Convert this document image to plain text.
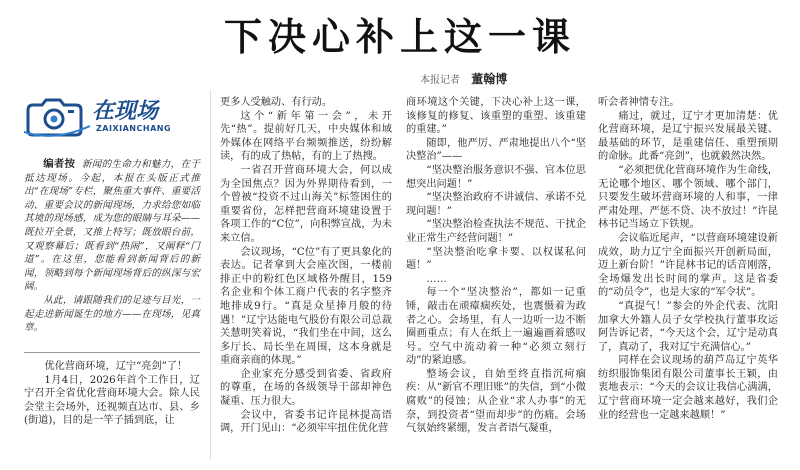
下决心补上这一课
本报记者 董翰博
在现场
ZAIXIANCHANG

编者按 新闻的生命力和魅力，在于抵达现场。今起，本报在头版正式推出“在现场”专栏，聚焦重大事件、重要活动、重要会议的新闻现场，力求给您如临其境的现场感，成为您的眼睛与耳朵——既拉开全景，又推上特写；既放眼台前，又观察幕后；既看到“热闹”，又阐释“门道”。在这里，您能看到新闻背后的新闻，领略到每个新闻现场背后的纵深与宏阔。

从此，请跟随我们的足迹与目光，一起走进新闻诞生的地方——在现场，见真章。

优化营商环境，辽宁“亮剑”了！

1月4日，2026年首个工作日，辽宁召开全省优化营商环境大会。除人民会堂主会场外，还视频直达市、县、乡(街道)，目的是一竿子插到底，让

更多人受触动、有行动。

这个“新年第一会”，未开先“热”。提前好几天，中央媒体和域外媒体在网络平台频频推送，纷纷解读，有的成了热帖，有的上了热搜。

一省召开营商环境大会，何以成为全国焦点？因为外界期待看到，一个曾被“投资不过山海关”标签困住的重要省份，怎样把营商环境建设置于各项工作的“C位”，向积弊宣战，为未来立信。

会议现场，“C位”有了更具象化的表达。记者拿到大会座次图，一楼前排正中的粉红色区域格外醒目，159名企业和个体工商户代表的名字整齐地排成9行。“真是众星捧月般的待遇！”辽宁达能电气股份有限公司总裁关慧明笑着说，“我们坐在中间，这么多厅长、局长坐在周围，这本身就是重商亲商的体现。”

企业家充分感受到省委、省政府的尊重，在场的各级领导干部却神色凝重、压力很大。

会议中，省委书记许昆林提高语调，开门见山：“必须牢牢扭住优化营

商环境这个关键，下决心补上这一课，该修复的修复、该重塑的重塑、该重建的重建。”

随即，他严厉、严肃地提出八个“坚决整治”——

“坚决整治服务意识不强、官本位思想突出问题！”

“坚决整治政府不讲诚信、承诺不兑现问题！”

“坚决整治检查执法不规范、干扰企业正常生产经营问题！”

“坚决整治吃拿卡要、以权谋私问题！”

……

每一个“坚决整治”，都如一记重锤，敲击在顽瘴痼疾处，也震慑着为政者之心。会场里，有人一边听一边不断圈画重点；有人在纸上一遍遍画着感叹号。空气中流动着一种“必须立刻行动”的紧迫感。

整场会议，自始至终直指沉疴痼疾：从“新官不理旧账”的失信，到“小微腐败”的侵蚀；从企业“求人办事”的无奈，到投资者“望而却步”的伤痛。会场气氛始终紧绷，发言者语气凝重，

听会者神情专注。

痛过，就过，辽宁才更加清楚：优化营商环境，是辽宁振兴发展最关键、最基础的环节，是重建信任、重塑预期的命脉。此番“亮剑”，也就毅然决然。

“必须把优化营商环境作为生命线，无论哪个地区、哪个领域、哪个部门，只要发生破坏营商环境的人和事，一律严肃处理、严惩不贷、决不放过！”许昆林书记当场立下铁规。

会议临近尾声，“以营商环境建设新成效，助力辽宁全面振兴开创新局面，迈上新台阶！”许昆林书记的话音刚落，全场爆发出长时间的掌声。这是省委的“动员令”，也是大家的“军令状”。

“真提气！”参会的外企代表、沈阳加拿大外籍人员子女学校执行董事玫运阿告诉记者，“今天这个会，辽宁是动真了，真动了，我对辽宁充满信心。”

同样在会议现场的葫芦岛辽宁英华纺织服饰集团有限公司董事长王颖，由衷地表示：“今天的会议让我信心满满，辽宁营商环境一定会越来越好，我们企业的经营也一定越来越顺！”
